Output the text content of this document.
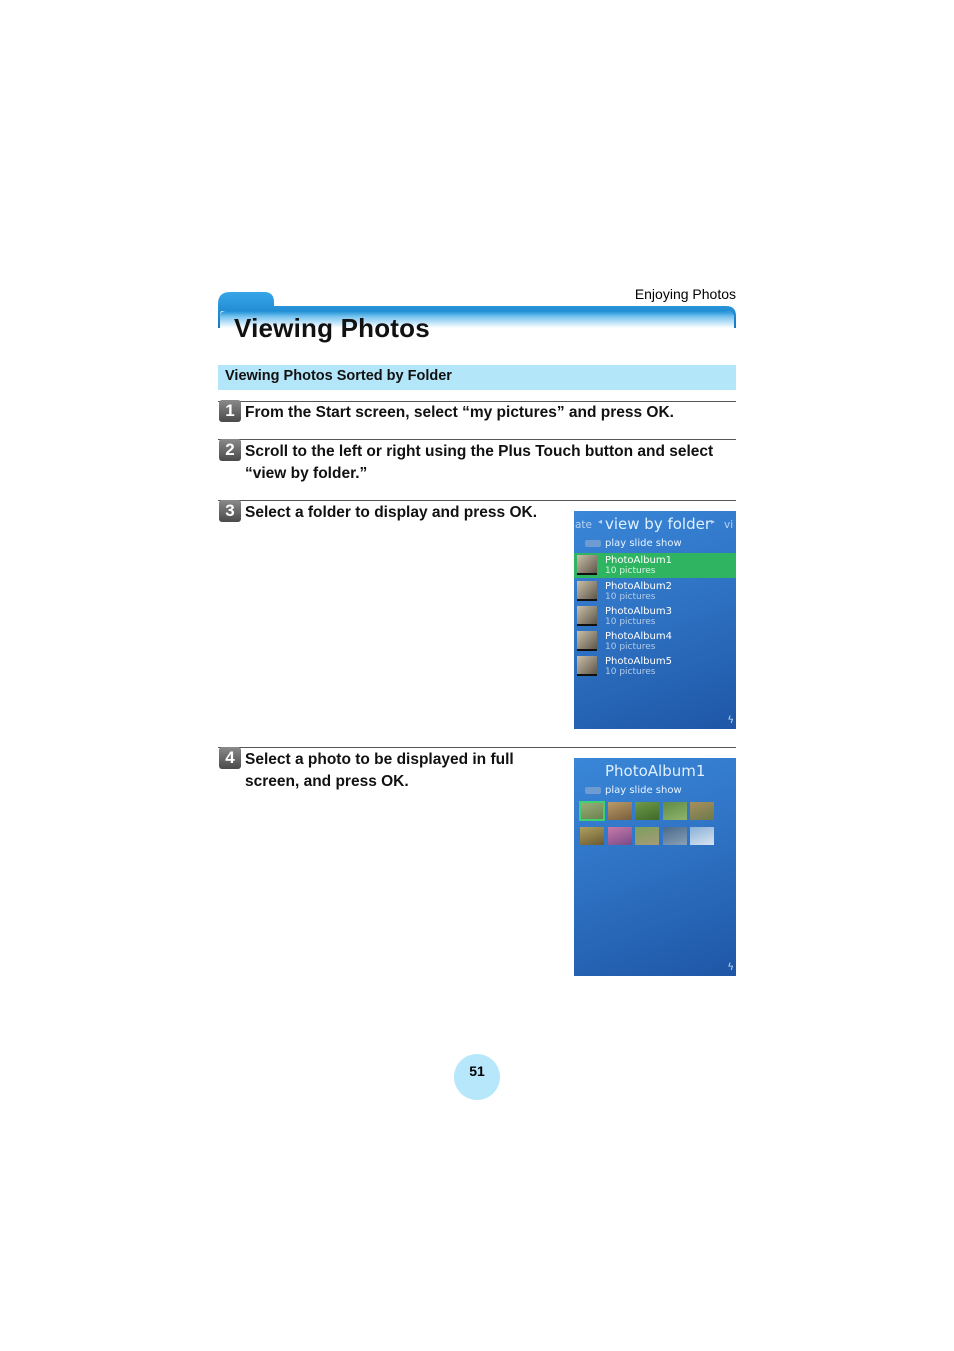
Enjoying Photos
Viewing Photos
Viewing Photos Sorted by Folder
1 From the Start screen, select “my pictures” and press OK.
2 Scroll to the left or right using the Plus Touch button and select
“view by folder.”
3 Select a folder to display and press OK.
ate ◂ view by folder ▸ vi
play slide show
PhotoAlbum1
10 pictures
PhotoAlbum2
10 pictures
PhotoAlbum3
10 pictures
PhotoAlbum4
10 pictures
PhotoAlbum5
10 pictures pictures
ϟ
4 Select a photo to be displayed in full
screen, and press OK.
PhotoAlbum1
play slide show pictures
ϟ
51
